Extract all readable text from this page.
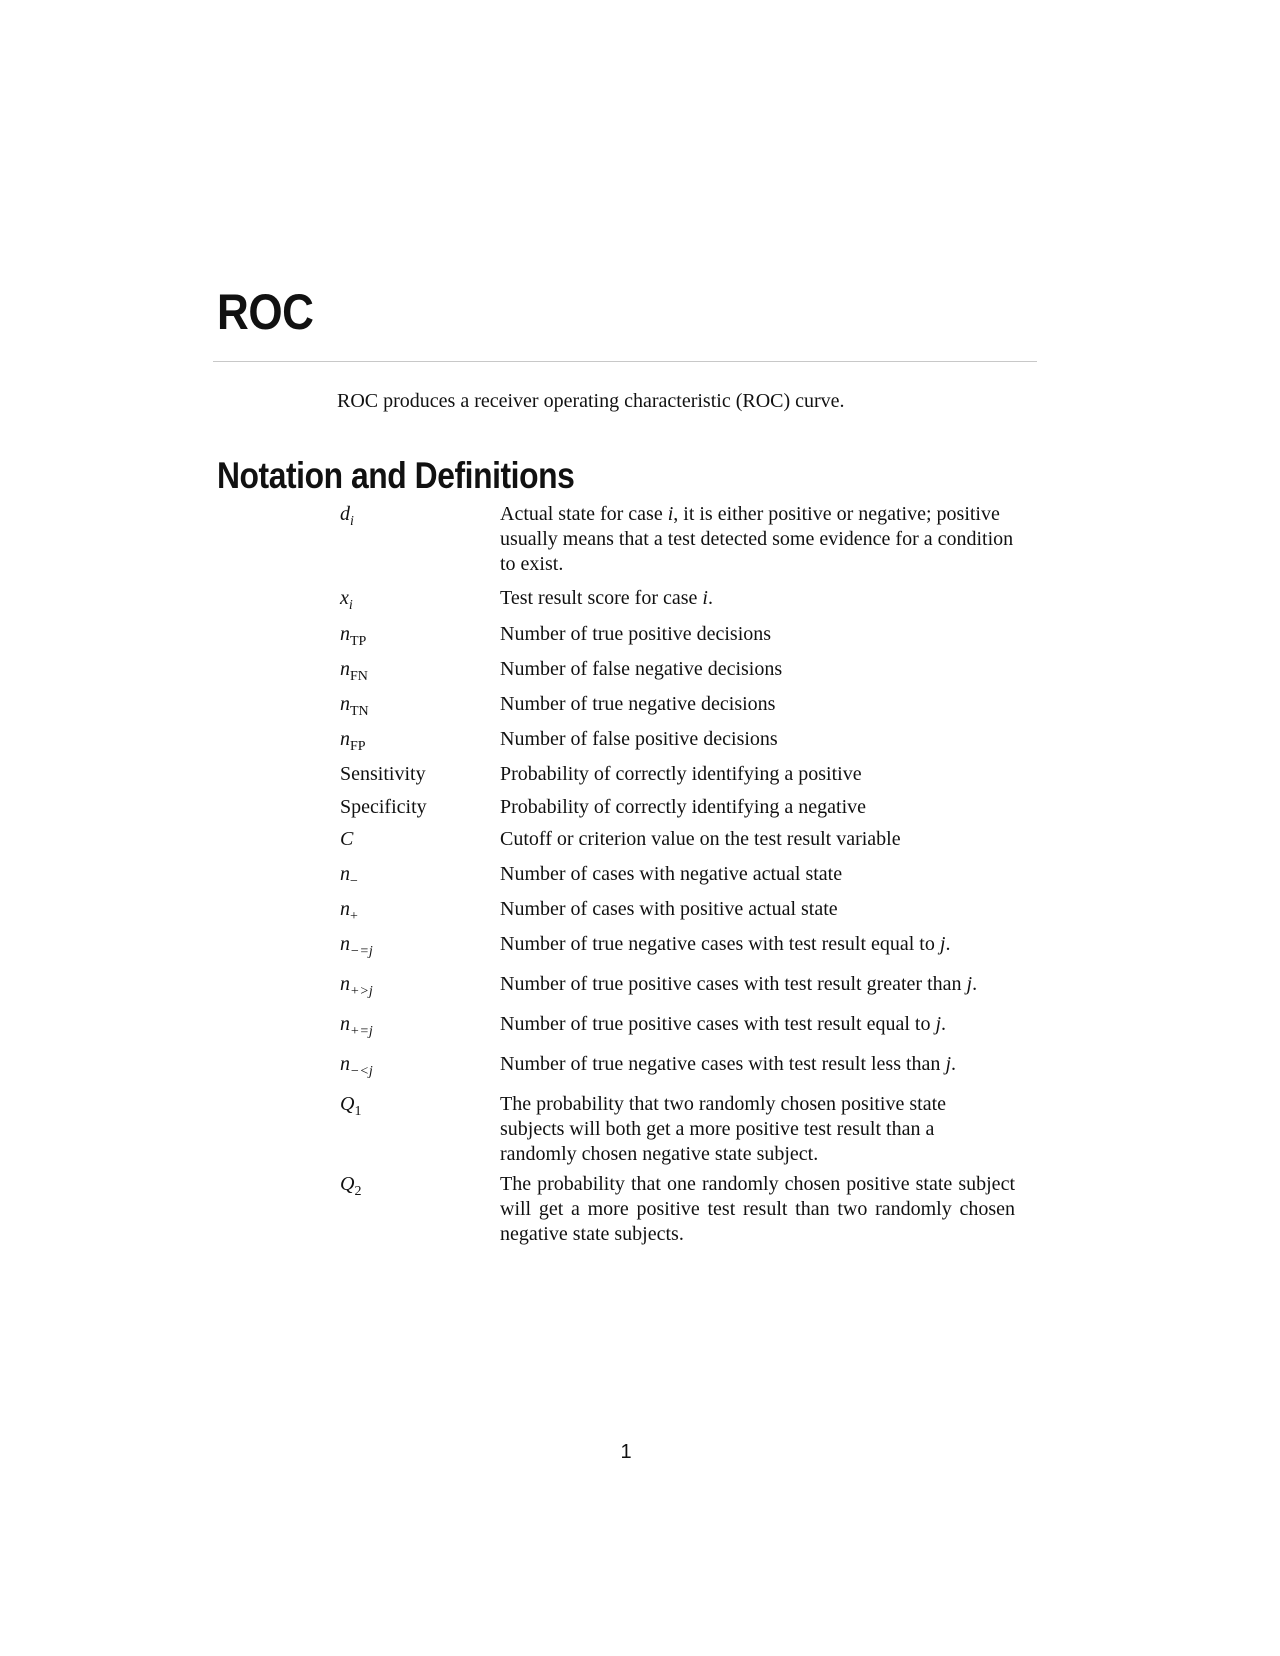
ROC

ROC produces a receiver operating characteristic (ROC) curve.

Notation and Definitions
$d_i$	Actual state for case i, it is either positive or negative; positive usually means that a test detected some evidence for a condition to exist.
$x_i$	Test result score for case i.
$n_{TP}$	Number of true positive decisions
$n_{FN}$	Number of false negative decisions
$n_{TN}$	Number of true negative decisions
$n_{FP}$	Number of false positive decisions
Sensitivity	Probability of correctly identifying a positive
Specificity	Probability of correctly identifying a negative
C	Cutoff or criterion value on the test result variable
$n_-$	Number of cases with negative actual state
$n_+$	Number of cases with positive actual state
$n_{-=j}$	Number of true negative cases with test result equal to j.
$n_{+>j}$	Number of true positive cases with test result greater than j.
$n_{+=j}$	Number of true positive cases with test result equal to j.
$n_{-<j}$	Number of true negative cases with test result less than j.
$Q_1$	The probability that two randomly chosen positive state subjects will both get a more positive test result than a randomly chosen negative state subject.
$Q_2$	The probability that one randomly chosen positive state subject will get a more positive test result than two randomly chosen negative state subjects.
1
